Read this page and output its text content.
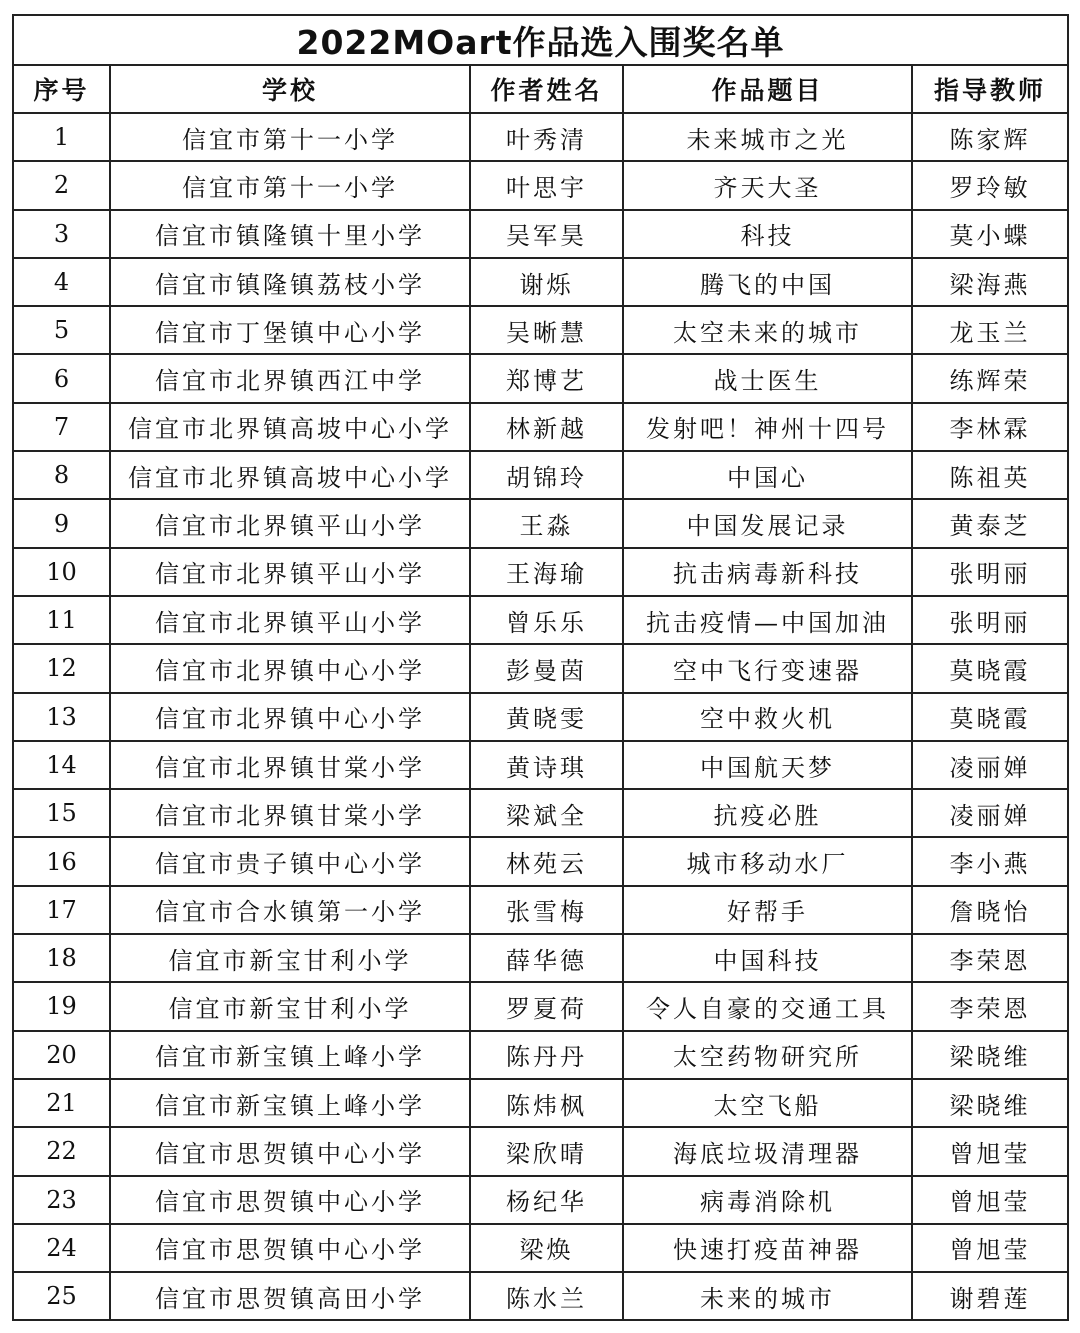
2022MOart作品选入围奖名单				
序号	学校	作者姓名	作品题目	指导教师
1	信宜市第十一小学	叶秀清	未来城市之光	陈家辉
2	信宜市第十一小学	叶思宇	齐天大圣	罗玲敏
3	信宜市镇隆镇十里小学	吴军昊	科技	莫小蝶
4	信宜市镇隆镇荔枝小学	谢烁	腾飞的中国	梁海燕
5	信宜市丁堡镇中心小学	吴晰慧	太空未来的城市	龙玉兰
6	信宜市北界镇西江中学	郑博艺	战士医生	练辉荣
7	信宜市北界镇高坡中心小学	林新越	发射吧！神州十四号	李林霖
8	信宜市北界镇高坡中心小学	胡锦玲	中国心	陈祖英
9	信宜市北界镇平山小学	王淼	中国发展记录	黄泰芝
10	信宜市北界镇平山小学	王海瑜	抗击病毒新科技	张明丽
11	信宜市北界镇平山小学	曾乐乐	抗击疫情—中国加油	张明丽
12	信宜市北界镇中心小学	彭曼茵	空中飞行变速器	莫晓霞
13	信宜市北界镇中心小学	黄晓雯	空中救火机	莫晓霞
14	信宜市北界镇甘棠小学	黄诗琪	中国航天梦	凌丽婵
15	信宜市北界镇甘棠小学	梁斌全	抗疫必胜	凌丽婵
16	信宜市贵子镇中心小学	林苑云	城市移动水厂	李小燕
17	信宜市合水镇第一小学	张雪梅	好帮手	詹晓怡
18	信宜市新宝甘利小学	薛华德	中国科技	李荣恩
19	信宜市新宝甘利小学	罗夏荷	令人自豪的交通工具	李荣恩
20	信宜市新宝镇上峰小学	陈丹丹	太空药物研究所	梁晓维
21	信宜市新宝镇上峰小学	陈炜枫	太空飞船	梁晓维
22	信宜市思贺镇中心小学	梁欣晴	海底垃圾清理器	曾旭莹
23	信宜市思贺镇中心小学	杨纪华	病毒消除机	曾旭莹
24	信宜市思贺镇中心小学	梁焕	快速打疫苗神器	曾旭莹
25	信宜市思贺镇高田小学	陈水兰	未来的城市	谢碧莲
